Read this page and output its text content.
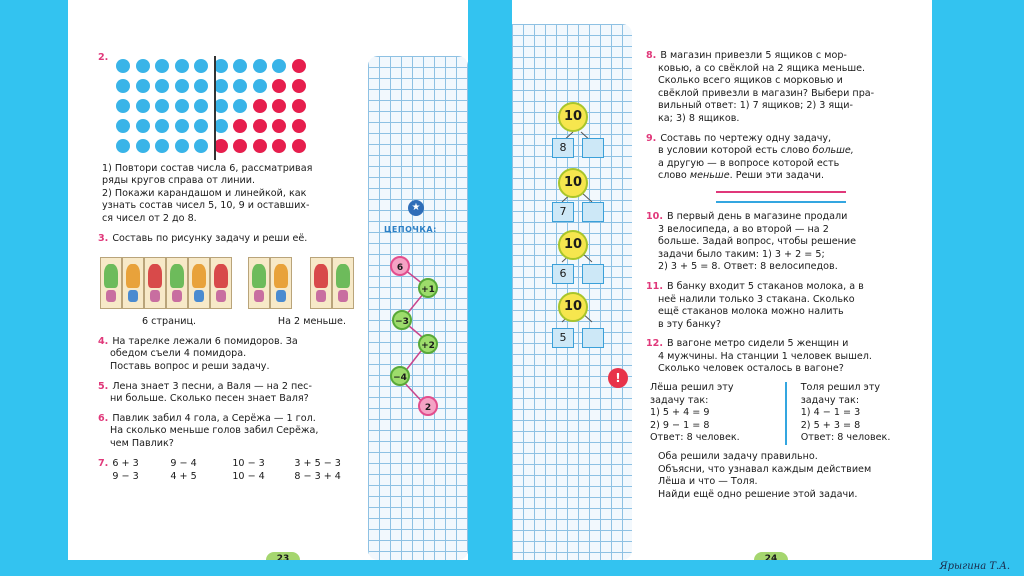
2.

1) Повтори состав числа 6, рассматривая

ряды кругов справа от линии.

2) Покажи карандашом и линейкой, как

узнать состав чисел 5, 10, 9 и оставших-

ся чисел от 2 до 8.

3. Составь по рисунку задачу и реши её.

6 страниц.	На 2 меньше.

4. На тарелке лежали 6 помидоров. За

обедом съели 4 помидора.

Поставь вопрос и реши задачу.

5. Лена знает 3 песни, а Валя — на 2 пес-

ни больше. Сколько песен знает Валя?

6. Павлик забил 4 гола, а Серёжа — 1 гол.

На сколько меньше голов забил Серёжа,

чем Павлик?

7. 6 + 3	9 − 4	10 − 3	3 + 5 − 3
9 − 3	4 + 5	10 − 4	8 − 3 + 4
★
ЦЕПОЧКА:
6
+1
−3
+2
−4
2
23
10
8
10
7
10
6
10
5
!

8. В магазин привезли 5 ящиков с мор-

ковью, а со свёклой на 2 ящика меньше.

Сколько всего ящиков с морковью и

свёклой привезли в магазин? Выбери пра-

вильный ответ: 1) 7 ящиков; 2) 3 ящи-

ка; 3) 8 ящиков.

9. Составь по чертежу одну задачу,

в условии которой есть слово больше,

а другую — в вопросе которой есть

слово меньше. Реши эти задачи.

10. В первый день в магазине продали

3 велосипеда, а во второй — на 2

больше. Задай вопрос, чтобы решение

задачи было таким: 1) 3 + 2 = 5;

2) 3 + 5 = 8. Ответ: 8 велосипедов.

11. В банку входит 5 стаканов молока, а в

неё налили только 3 стакана. Сколько

ещё стаканов молока можно налить

в эту банку?

12. В вагоне метро сидели 5 женщин и

4 мужчины. На станции 1 человек вышел.

Сколько человек осталось в вагоне?

Лёша решил эту

задачу так:

1) 5 + 4 = 9

2) 9 − 1 = 8

Ответ: 8 человек.

Толя решил эту

задачу так:

1) 4 − 1 = 3

2) 5 + 3 = 8

Ответ: 8 человек.

Оба решили задачу правильно.

Объясни, что узнавал каждым действием

Лёша и что — Толя.

Найди ещё одно решение этой задачи.

24
Ярыгина Т.А.
